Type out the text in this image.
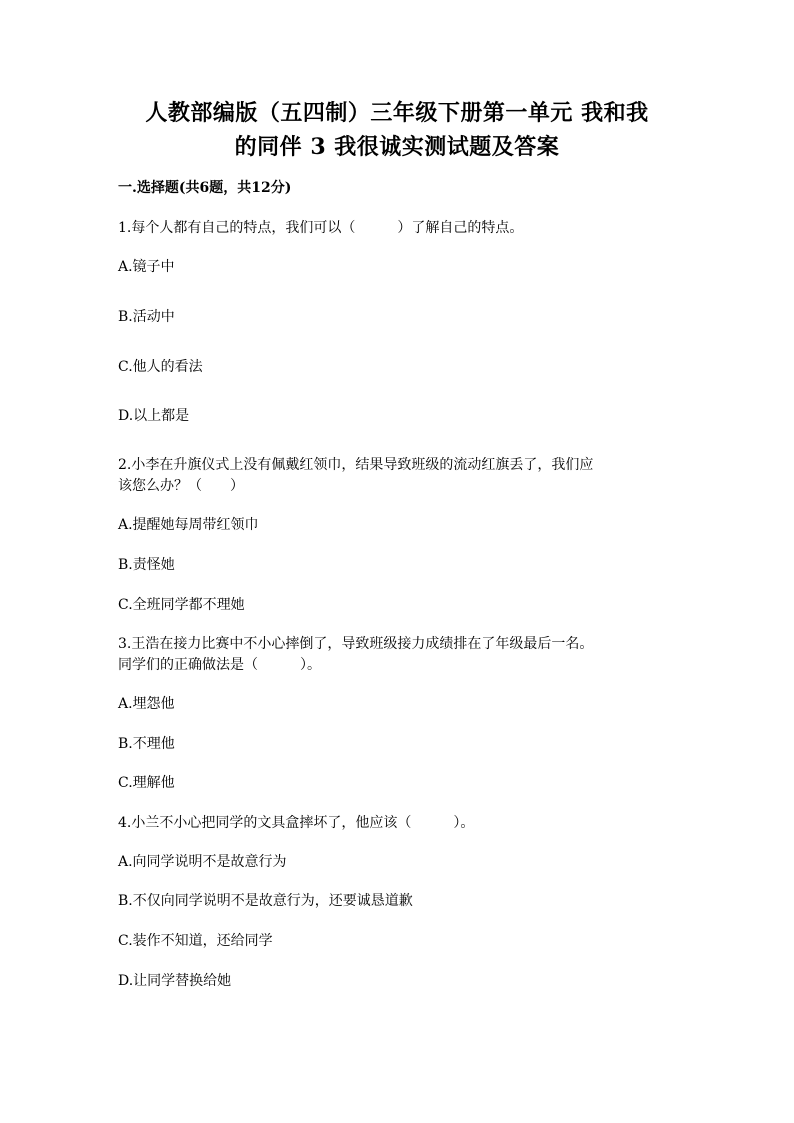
人教部编版（五四制）三年级下册第一单元 我和我
的同伴 3 我很诚实测试题及答案
一.选择题(共6题，共12分)
1.每个人都有自己的特点，我们可以（　　　）了解自己的特点。
A.镜子中
B.活动中
C.他人的看法
D.以上都是
2.小李在升旗仪式上没有佩戴红领巾，结果导致班级的流动红旗丢了，我们应
该您么办？（　　）
A.提醒她每周带红领巾
B.责怪她
C.全班同学都不理她
3.王浩在接力比赛中不小心摔倒了，导致班级接力成绩排在了年级最后一名。
同学们的正确做法是（　　　）。
A.埋怨他
B.不理他
C.理解他
4.小兰不小心把同学的文具盒摔坏了，他应该（　　　）。
A.向同学说明不是故意行为
B.不仅向同学说明不是故意行为，还要诚恳道歉
C.装作不知道，还给同学
D.让同学替换给她
